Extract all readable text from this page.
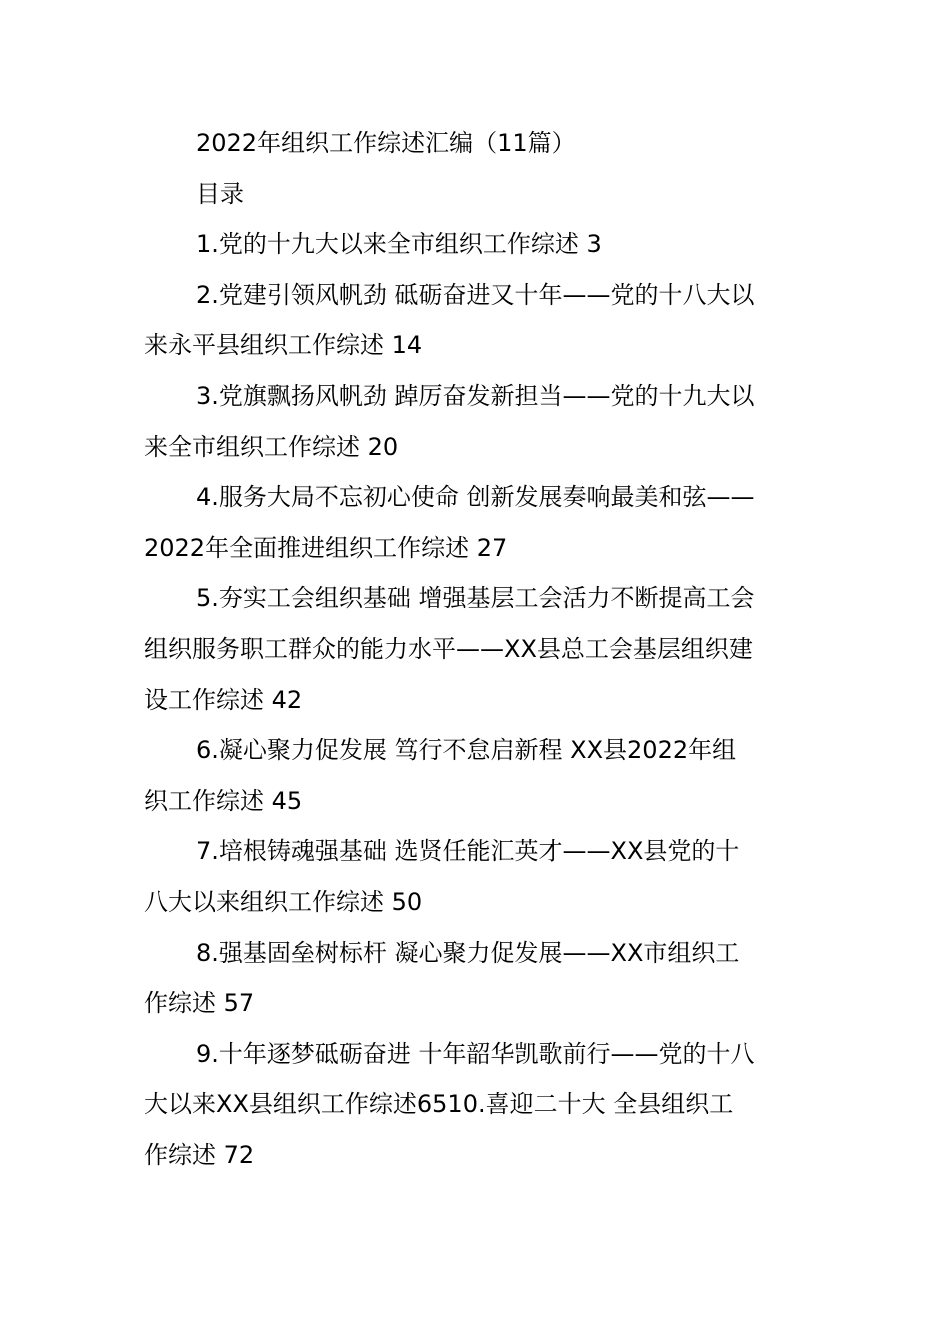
2022年组织工作综述汇编（11篇）
目录
1.党的十九大以来全市组织工作综述 3
2.党建引领风帆劲 砥砺奋进又十年——党的十八大以
来永平县组织工作综述 14
3.党旗飘扬风帆劲 踔厉奋发新担当——党的十九大以
来全市组织工作综述 20
4.服务大局不忘初心使命 创新发展奏响最美和弦——
2022年全面推进组织工作综述 27
5.夯实工会组织基础 增强基层工会活力不断提高工会
组织服务职工群众的能力水平——XX县总工会基层组织建
设工作综述 42
6.凝心聚力促发展 笃行不怠启新程 XX县2022年组
织工作综述 45
7.培根铸魂强基础 选贤任能汇英才——XX县党的十
八大以来组织工作综述 50
8.强基固垒树标杆 凝心聚力促发展——XX市组织工
作综述 57
9.十年逐梦砥砺奋进 十年韶华凯歌前行——党的十八
大以来XX县组织工作综述6510.喜迎二十大 全县组织工
作综述 72
